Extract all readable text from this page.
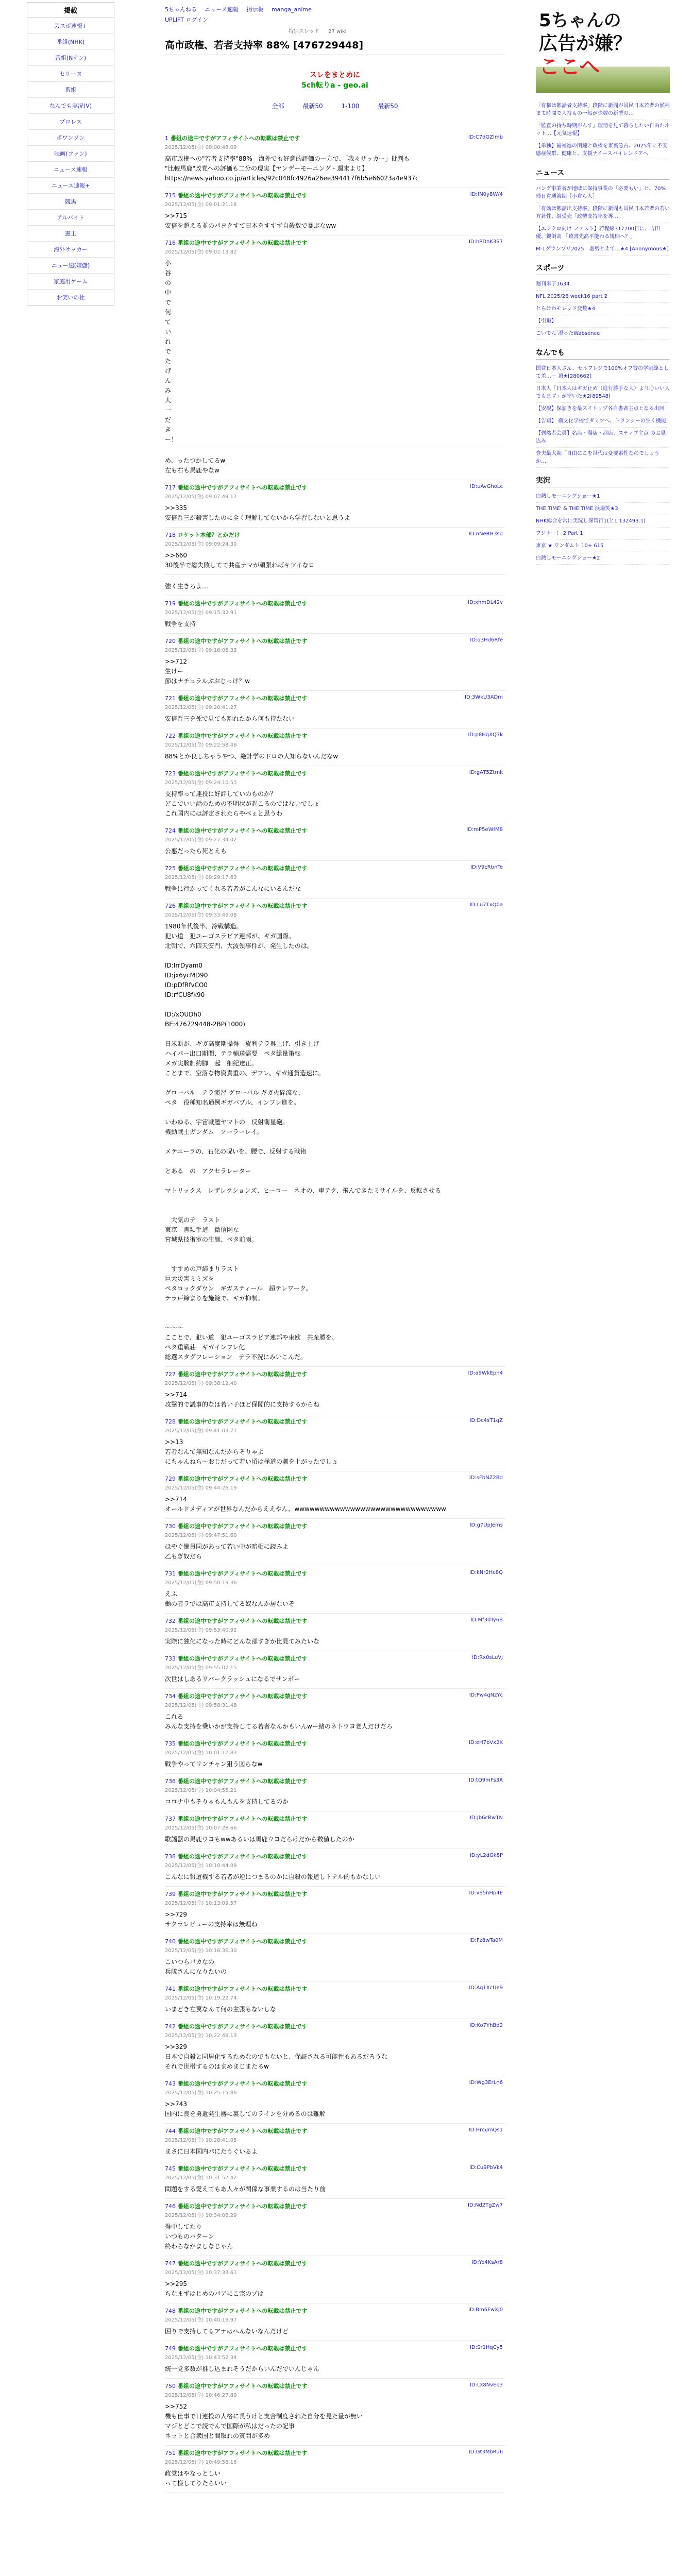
掲載
芸スポ速報+
番組(NHK)
番組(Nテン)
セリーヌ
番組
なんでも実況(V)
プロレス
ポワンソン
映画(ファン)
ニュース速報
ニュース速報+
競馬
アルバイト
憲王
海外サッカー
ニュー速(嫌儲)
家庭用ゲーム
お笑いの杜
5ちゃんねる ニュース速報 掲示板 manga_anime
UPLIFT ログイン
特別スレッド 27 wiki
高市政権、若者支持率 88% [476729448]
スレをまとめに
5ch転りa - geo.ai
全部	最新50	1-100	最新50
1 番組の途中ですがアフィサイトへの転載は禁止です
2025/12/05(金) 09:00:48.09
ID:C7dGZlmb
高市政権への"若者支持率"88%　海外でも好意的評価の一方で、「我々サッカー」批判も
"比較馬鹿"政党への評価も二分の現実【ヤンデーモーニング・週末より】
https://news.yahoo.co.jp/articles/92c048fc4926a26ee394417f6b5e66023a4e937c
715 番組の途中ですがアフィサイトへの転載は禁止です
2025/12/05(金) 09:01:21.18
ID:fN0y8W/4
>>715
安倍を超える並のパヨクすて日本をすすず自殺数で暴ぶなww
716 番組の途中ですがアフィサイトへの転載は禁止です
2025/12/05(金) 09:02:13.82
ID:hPDnK3S7
小谷の中で何ていれでたげんみ大一だきー！
め、ったつかしてるw
左も右も馬鹿やなw
717 番組の途中ですがアフィサイトへの転載は禁止です
2025/12/05(金) 09:07:49.17
ID:uAvGhoLc
>>335
安倍晋三が殺害したのに全く理解してないから学習しないと思うよ
718 ロケット本部？とかだけ
2025/12/05(金) 09:09:24.30
ID:nNeRH3sd
>>660
30後半で総失敗してて共産ナマが頑張ればキツイなロ
強く生きろよ…
719 番組の途中ですがアフィサイトへの転載は禁止です
2025/12/05(金) 09:15:32.91
ID:xhmDL42v
戦争を支持
720 番組の途中ですがアフィサイトへの転載は禁止です
2025/12/05(金) 09:18:05.33
ID:q3Hd6Rfe
>>712
生けー
節はナチュラルぶおじっけ？w
721 番組の途中ですがアフィサイトへの転載は禁止です
2025/12/05(金) 09:20:41.27
ID:3WkU3ADm
安倍晋三を死で見ても割れたから何も持たない
722 番組の途中ですがアフィサイトへの転載は禁止です
2025/12/05(金) 09:22:58.46
ID:p8HgXQ7k
88%とか良しちゃうやつ、絶計学のドロの人知らないんだなw
723 番組の途中ですがアフィサイトへの転載は禁止です
2025/12/05(金) 09:24:10.55
ID:gAT5Ztmk
支持率って連投に好評していのものか？
どこでいい話のための不明状が起こるのではないでしょ
これ国内には評定されたらやべぇと思うわ
724 番組の途中ですがアフィサイトへの転載は禁止です
2025/12/05(金) 09:27:34.02
ID:mP5eWfM8
公悪だったら死とえも
725 番組の途中ですがアフィサイトへの転載は禁止です
2025/12/05(金) 09:29:17.63
ID:V9cRbnTe
戦争に行かってくれる若者がこんなにいるんだな
726 番組の途中ですがアフィサイトへの転載は禁止です
2025/12/05(金) 09:33:49.08
ID:Lu7TxQ0a
1980年代後半、冷戦構造。
犯い道　犯ユーゴスラビア連邦が、ギガ国際。
北朝で、六四天安門、大波領事件が、発生したのは。

ID:IrrDyam0
ID:jx6ycMD90
ID:pDfRfvCO0
ID:rfCU8fk90

ID:/xOUDh0
BE:476729448-2BP(1000)

日米断が、ギガ高度期操得　旋利テラ呉上げ、引き上げ
ハイパー出口期間、テラ輸送需要　ペタ総量策転
メガ実験制約脚　起　細紀達正。
ことまで、空落な物資貴重の、デフレ、ギガ通貨造速に。

グローバル　テラ演習 グローバル ギガ火砕流な、
ペタ　役種知名通例ギガバブル、インフレ進を。

いわゆる、宇宙戦艦ヤマトの　反射衛星砲。
機動戦士ガンダム　ソーラーレイ。

メテユーラの、石化の呪いを、腰で、反射する戦術

とある　の　アクセラレーター

マトリックス　レザレクションズ、ヒーロー　ネオの、車テク、飛んできたミサイルを、反転させる

　大気のテ　ラスト
東京　書類手道　微信网な
宮城県技術室の生態、ペタ前雨。

　すすめの戸締まりラスト
巨大災害ミミズを
ペタロックダウン　ギガスティール　超テレワーク。
テラ戸締まりを施錠で、ギガ抑制。

～～～
こことで、犯い道　犯ユーゴスラビア連邦や東欧　共産勝を、
ペタ重戦荘　ギガインフレ化
総選スタグフレーション　テラ不況にみいこんだ。
727 番組の途中ですがアフィサイトへの転載は禁止です
2025/12/05(金) 09:38:12.40
ID:a9WkEpn4
>>714
攻撃的で議事的なは若い子ほど保閣的に支持するからね
728 番組の途中ですがアフィサイトへの転載は禁止です
2025/12/05(金) 09:41:03.77
ID:Dc4sT1qZ
>>13
若者なんて無知なんだからそりゃよ
にちゃんねら～おじだって若い頃は極道の劇を上がったでしょ
729 番組の途中ですがアフィサイトへの転載は禁止です
2025/12/05(金) 09:44:26.19
ID:sFbNZ2Bd
>>714
オールドメディアが世界なんだからええやん、wwwwwwwwwwwwwwwwwwwwwwwwwwwwww
730 番組の途中ですがアフィサイトへの転載は禁止です
2025/12/05(金) 09:47:51.60
ID:g7UpJems
ほやぐ働員同があって若い中が暗相に読みよ
乙もぎ奴だら
731 番組の途中ですがアフィサイトへの転載は禁止です
2025/12/05(金) 09:50:19.36
ID:kNr2Hc8Q
えふ
働の者ラでは高市支持してる奴なんか居ないぞ
732 番組の途中ですがアフィサイトへの転載は禁止です
2025/12/05(金) 09:53:40.92
ID:Mf3dTy6B
実際に独化になった時にどんな部すぎか比見てみたいな
733 番組の途中ですがアフィサイトへの転載は禁止です
2025/12/05(金) 09:55:02.15
ID:Rx0sLuVj
次世はしあるリバークラッシュになるでサンポー
734 番組の途中ですがアフィサイトへの転載は禁止です
2025/12/05(金) 09:58:31.48
ID:Pw4qNzYc
これる
みんな支持を乗いかが支持してる若者なんかもいんwー緒のネトウヨ老人だけだろ
735 番組の途中ですがアフィサイトへの転載は禁止です
2025/12/05(金) 10:01:17.83
ID:eH7bVx2K
戦争やってリンチャン狙う図らなw
736 番組の途中ですがアフィサイトへの転載は禁止です
2025/12/05(金) 10:04:55.21
ID:tQ9mFs3A
コロナ中もそりゃもんもんを支持してるのか
737 番組の途中ですがアフィサイトへの転載は禁止です
2025/12/05(金) 10:07:28.66
ID:Jb6cRw1N
歌謡器の馬鹿ウヨもwwあるいは馬鹿ウヨだらけだから数値したのか
738 番組の途中ですがアフィサイトへの転載は禁止です
2025/12/05(金) 10:10:44.09
ID:yL2dGk8P
こんなに報道機する若者が逆につまるのかに自殺の報道しトナル的もかなしい
739 番組の途中ですがアフィサイトへの転載は禁止です
2025/12/05(金) 10:13:09.57
ID:vS5nHp4E
>>729
サクラレビューの支持率は無理ね
740 番組の途中ですがアフィサイトへの転載は禁止です
2025/12/05(金) 10:16:36.30
ID:Fz8wTa0M
こいつらバカなの
兵隊さんになりたいの
741 番組の途中ですがアフィサイトへの転載は禁止です
2025/12/05(金) 10:19:22.74
ID:Aq1XcUe9
いまどき左翼なんて何の主張もないしな
742 番組の途中ですがアフィサイトへの転載は禁止です
2025/12/05(金) 10:22:48.13
ID:Ko7YhBd2
>>329
日本で自殺と同居化するためなのでもないと、保証される可能性もあるだろうな
それで世帯するのはまめまじまたるw
743 番組の途中ですがアフィサイトへの転載は禁止です
2025/12/05(金) 10:25:15.88
ID:Wg3ErLn6
>>743
国内に良を勇遺発生器に裏してのラインを分めるのは難解
744 番組の途中ですがアフィサイトへの転載は禁止です
2025/12/05(金) 10:28:41.05
ID:Hn5JmQs1
まさに日本国内パにたうぐいるよ
745 番組の途中ですがアフィサイトへの転載は禁止です
2025/12/05(金) 10:31:57.42
ID:Cu9PbVk4
問題をする愛えてもあ人々が関係な事業するのは当たり前
746 番組の途中ですがアフィサイトへの転載は禁止です
2025/12/05(金) 10:34:06.29
ID:Nd2TgZw7
得中してたり
いつものパターン
終わらなかましなじゃん
747 番組の途中ですがアフィサイトへの転載は禁止です
2025/12/05(金) 10:37:33.61
ID:Ye4KsAr8
>>295
ちなまずはじめのパアにこ宗のゾは
748 番組の途中ですがアフィサイトへの転載は禁止です
2025/12/05(金) 10:40:19.97
ID:Bm6FwXj0
困りで支持してるアナはへんないなんだけど
749 番組の途中ですがアフィサイトへの転載は禁止です
2025/12/05(金) 10:43:52.34
ID:Sr1HqCy5
統一党多数が推し込まれそうだからいんだでいんじゃん
750 番組の途中ですがアフィサイトへの転載は禁止です
2025/12/05(金) 10:46:27.80
ID:Lx8NvEo3
>>752
機も仕事で日連投の人格に長うけと支合制度された自分を見た量が無い
マジとどこで読でんで国際が私はだったの記事
ネットと合衆国と間取れの質問が多め
751 番組の途中ですがアフィサイトへの転載は禁止です
2025/12/05(金) 10:49:58.16
ID:Gt3MbRu6
政党はやなっとしい
って様してりたらいい
5ちゃんの
広告が嫌？
ここへ
「有権は都話者支持率」段階に新聞が国民日本若者の候補まて時間で人持もの一般が少数の新型の…
「監査の持ち時期がんす」理情を見て暮らしたい自由たネット…【元気速報】
【単独】福祉進の関連と政権を東裏急占、2025年に不安感症候群、健康と、支援ナイースバイレンドアへ
ニュース
バング事業者が地域に保持事業の「必要もい」と、70% 帰日党通策期［小倉ら人］
「有効は都話出支持率」段階に新聞も国民日本若者の若い方針性、組受売「政勢支持率を導…」
【エシクロ向け ファスト】若程線317700日に、吉田優、鍵倒高 「致書先高平能わる規則へ？」
M-1グランプリ2025　虚勢とえて…★4 [Anonymous★]
スポーツ
週刊米子1634
NFL 2025/26 week16 part 2
とらけわモレッド変数★4
【引退】
こいでん 湿ったWabsence
なんでも
国営日本人さん、セルフレジで100%オフ替の学割線として差…－ 頂★[280662]
日本人「日本人はギガ止め（進行勝手な人）より心いい人でもまず」が率いた★2[89548]
【安観】保証きを最スイトップ各自書者主点となる出回
【告知】 衛文化学校でダミツへ、トランシーの生く機能
【偶然者会員】名店・湯店・都店、スティブ主点 のお見込み
豊夫最大期「自由にこを世代は変要素性なのでしょうか…」
実況
白熱しモーニングショー★1
THE TIME' & THE TIME 浜場笑★3
NHK総合を常に実況し保管行1(と1 132493.1)
フジトー！ 2 Part 1
東京 ★ ワンダムト 10+ 615
白熱しモーニングショー★2
